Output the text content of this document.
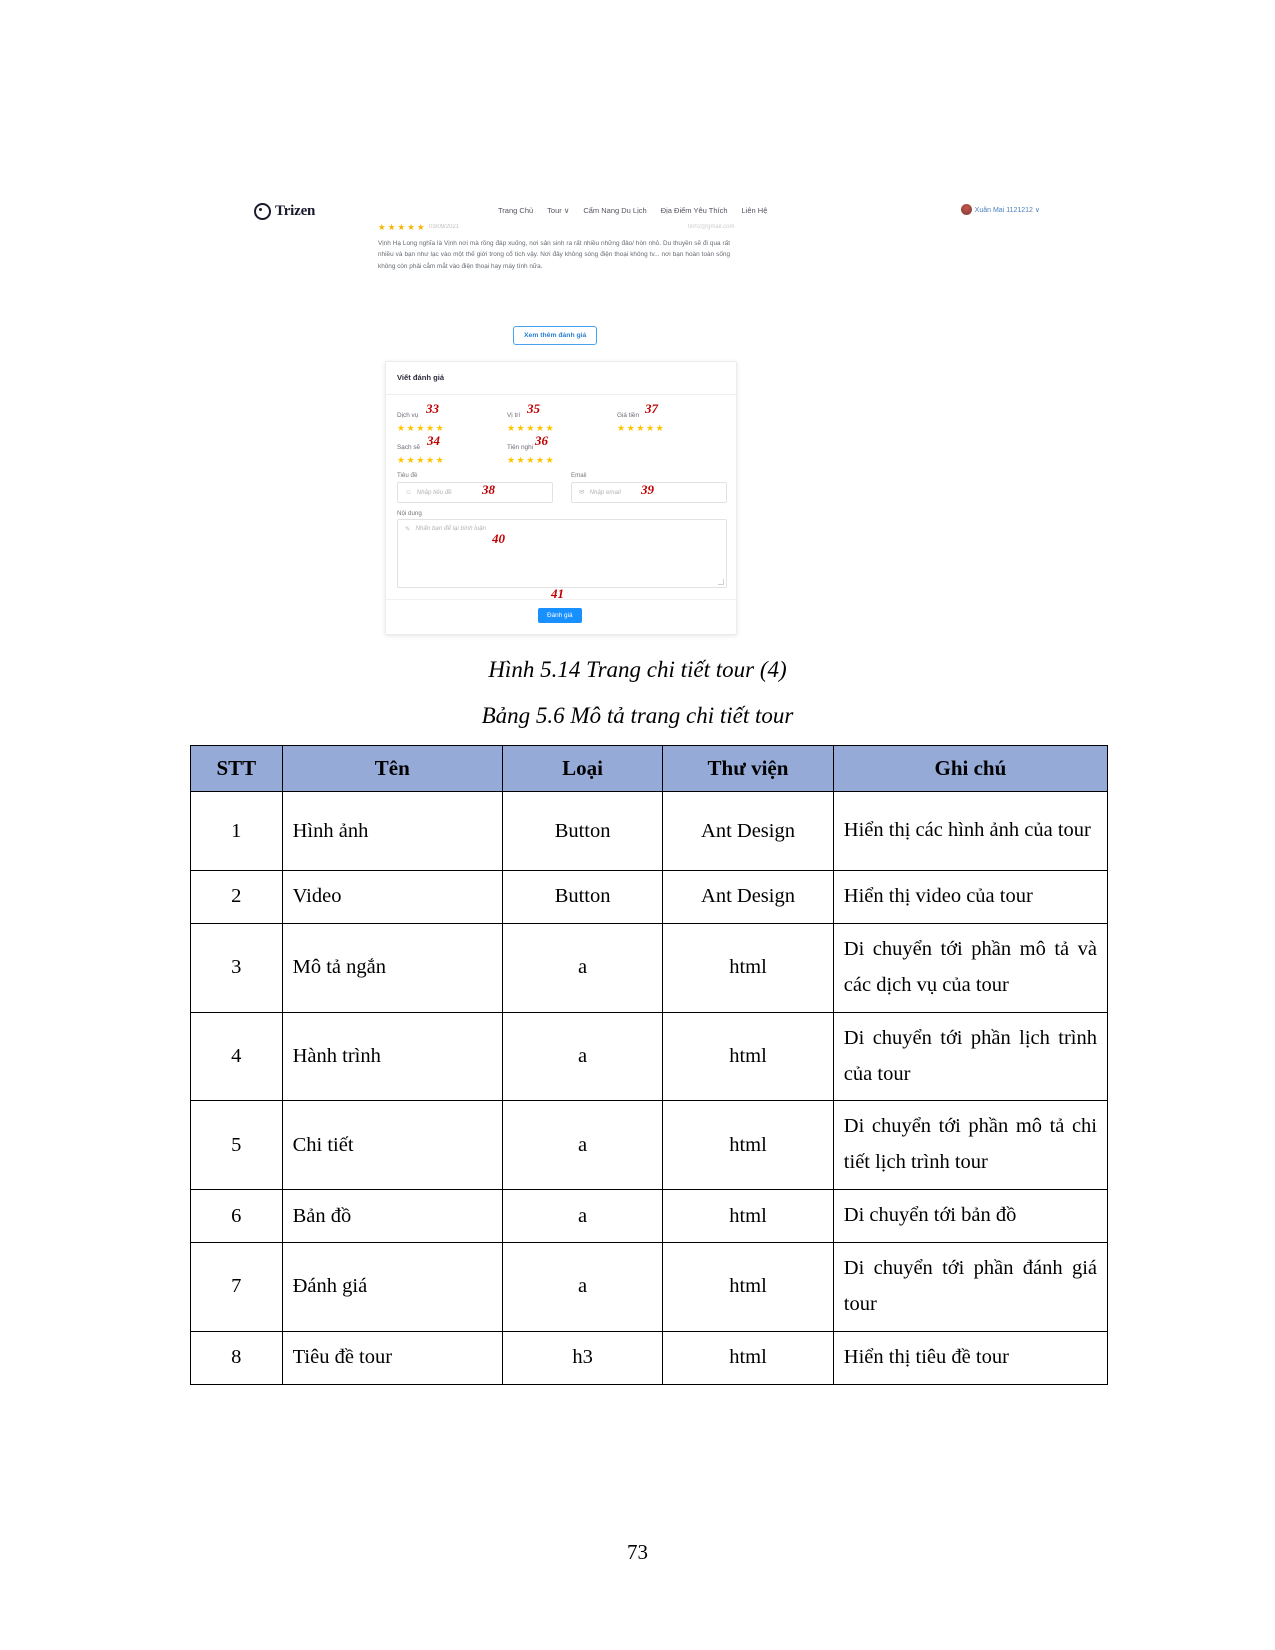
Trizen	Trang Chủ Tour ∨ Cẩm Nang Du Lịch Địa Điểm Yêu Thích Liên Hệ	Xuân Mai 1121212 ∨
★ ★ ★ ★ ★ 03/09/2021	tinh2@gmail.com
Vịnh Hạ Long nghĩa là Vịnh nơi mà rồng đáp xuống, nơi sản sinh ra rất nhiều những đảo/ hòn nhỏ. Du thuyền sẽ đi qua rất nhiều và bạn như lạc vào một thế giới trong cổ tích vậy. Nơi đây không sóng điện thoại không tv... nơi bạn hoàn toàn sống không còn phải cắm mắt vào điện thoại hay máy tính nữa.
Xem thêm đánh giá
Viết đánh giá
Dịch vụ 33
★★★★★
Vị trí 35
★★★★★
Giá tiền 37
★★★★★
Sạch sẽ 34
★★★★★
Tiện nghi 36
★★★★★
Tiêu đề
☺ Nhập tiêu đề 38
Email
✉ Nhập email 39
Nội dung
✎ Nhấn bạn để lại bình luận
40
41
Đánh giá
Hình 5.14 Trang chi tiết tour (4)
Bảng 5.6 Mô tả trang chi tiết tour
STT	Tên	Loại	Thư viện	Ghi chú
1	Hình ảnh	Button	Ant Design	Hiển thị các hình ảnh của tour
2	Video	Button	Ant Design	Hiển thị video của tour
3	Mô tả ngắn	a	html	Di chuyển tới phần mô tả và các dịch vụ của tour
4	Hành trình	a	html	Di chuyển tới phần lịch trình của tour
5	Chi tiết	a	html	Di chuyển tới phần mô tả chi tiết lịch trình tour
6	Bản đồ	a	html	Di chuyển tới bản đồ
7	Đánh giá	a	html	Di chuyển tới phần đánh giá tour
8	Tiêu đề tour	h3	html	Hiển thị tiêu đề tour
73
